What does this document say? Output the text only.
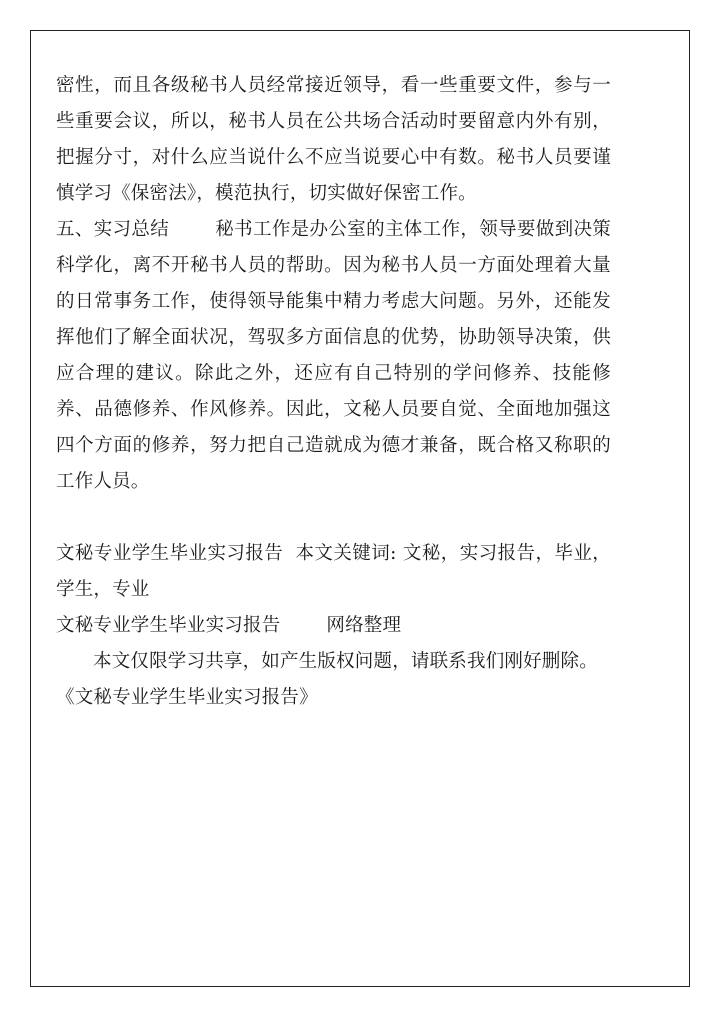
密性，而且各级秘书人员经常接近领导，看一些重要文件，参与一些重要会议，所以，秘书人员在公共场合活动时要留意内外有别，把握分寸，对什么应当说什么不应当说要心中有数。秘书人员要谨慎学习《保密法》，模范执行，切实做好保密工作。

五、实习总结 秘书工作是办公室的主体工作，领导要做到决策科学化，离不开秘书人员的帮助。因为秘书人员一方面处理着大量的日常事务工作，使得领导能集中精力考虑大问题。另外，还能发挥他们了解全面状况，驾驭多方面信息的优势，协助领导决策，供应合理的建议。除此之外，还应有自己特别的学问修养、技能修养、品德修养、作风修养。因此，文秘人员要自觉、全面地加强这四个方面的修养，努力把自己造就成为德才兼备，既合格又称职的工作人员。

文秘专业学生毕业实习报告 本文关键词: 文秘，实习报告，毕业，学生，专业

文秘专业学生毕业实习报告 网络整理

本文仅限学习共享，如产生版权问题，请联系我们刚好删除。

《文秘专业学生毕业实习报告》
